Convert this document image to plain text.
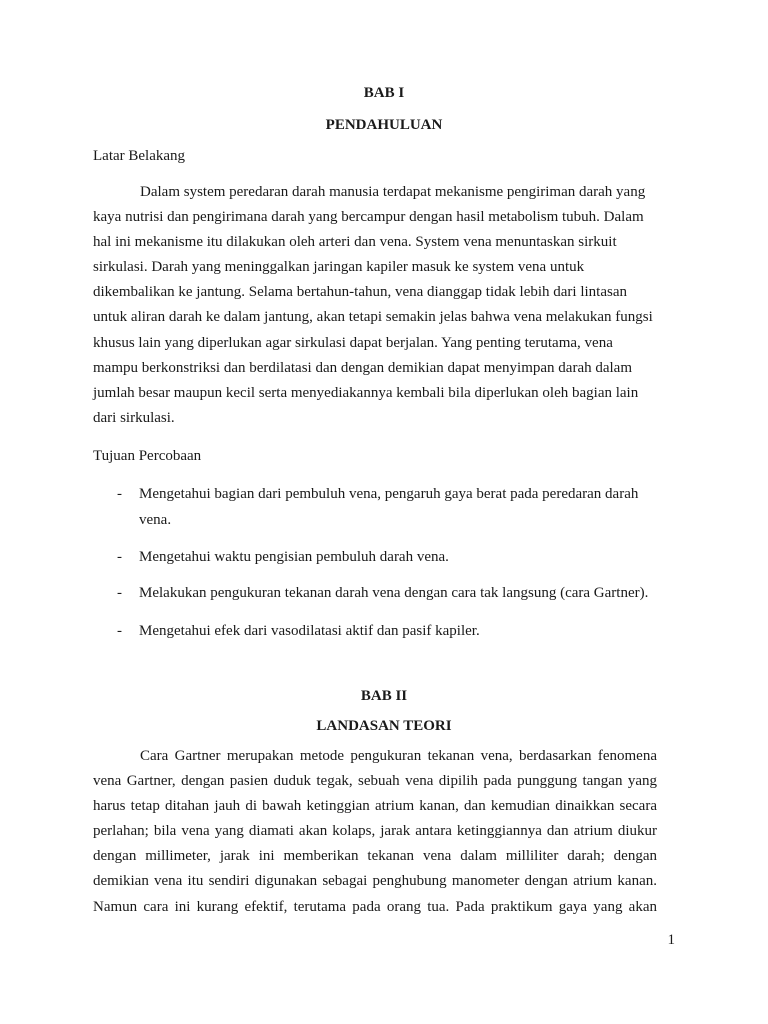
BAB I
PENDAHULUAN
Latar Belakang
Dalam system peredaran darah manusia terdapat mekanisme pengiriman darah yang
kaya nutrisi dan pengirimana darah yang bercampur dengan hasil metabolism tubuh. Dalam
hal ini mekanisme itu dilakukan oleh arteri dan vena. System vena menuntaskan sirkuit
sirkulasi. Darah yang meninggalkan jaringan kapiler masuk ke system vena untuk
dikembalikan ke jantung. Selama bertahun-tahun, vena dianggap tidak lebih dari lintasan
untuk aliran darah ke dalam jantung, akan tetapi semakin jelas bahwa vena melakukan fungsi
khusus lain yang diperlukan agar sirkulasi dapat berjalan. Yang penting terutama, vena
mampu berkonstriksi dan berdilatasi dan dengan demikian dapat menyimpan darah dalam
jumlah besar maupun kecil serta menyediakannya kembali bila diperlukan oleh bagian lain
dari sirkulasi.
Tujuan Percobaan
- Mengetahui bagian dari pembuluh vena, pengaruh gaya berat pada peredaran darah vena.
- Mengetahui waktu pengisian pembuluh darah vena.
- Melakukan pengukuran tekanan darah vena dengan cara tak langsung (cara Gartner).
- Mengetahui efek dari vasodilatasi aktif dan pasif kapiler.
BAB II
LANDASAN TEORI
Cara Gartner merupakan metode pengukuran tekanan vena, berdasarkan fenomena
vena Gartner, dengan pasien duduk tegak, sebuah vena dipilih pada punggung tangan yang
harus tetap ditahan jauh di bawah ketinggian atrium kanan, dan kemudian dinaikkan secara
perlahan; bila vena yang diamati akan kolaps, jarak antara ketinggiannya dan atrium diukur
dengan millimeter, jarak ini memberikan tekanan vena dalam milliliter darah; dengan
demikian vena itu sendiri digunakan sebagai penghubung manometer dengan atrium kanan.
Namun cara ini kurang efektif, terutama pada orang tua. Pada praktikum gaya yang akan
1
